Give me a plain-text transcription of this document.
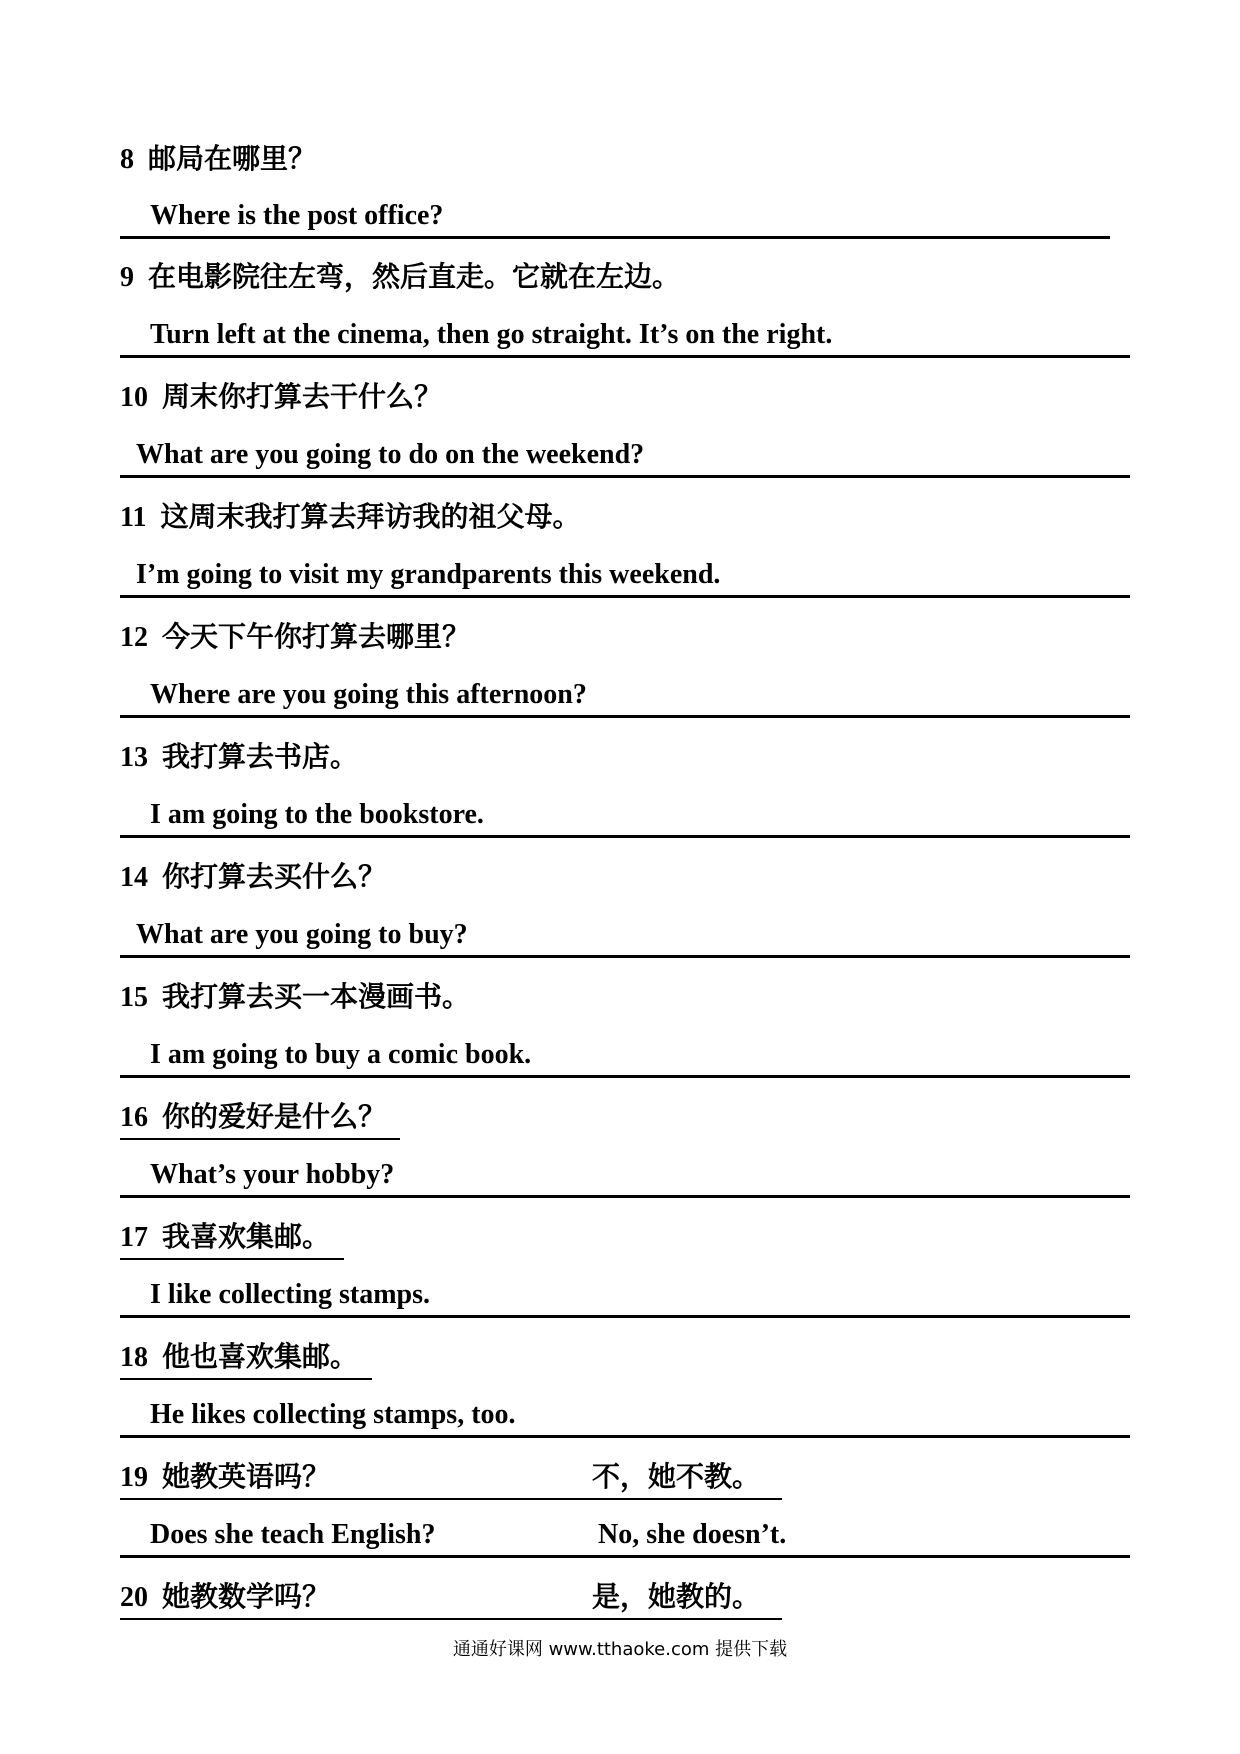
8 邮局在哪里？
Where is the post office?
9 在电影院往左弯，然后直走。它就在左边。
Turn left at the cinema, then go straight. It’s on the right.
10 周末你打算去干什么？
What are you going to do on the weekend?
11 这周末我打算去拜访我的祖父母。
I’m going to visit my grandparents this weekend.
12 今天下午你打算去哪里？
Where are you going this afternoon?
13 我打算去书店。
I am going to the bookstore.
14 你打算去买什么？
What are you going to buy?
15 我打算去买一本漫画书。
I am going to buy a comic book.
16 你的爱好是什么？
What’s your hobby?
17 我喜欢集邮。
I like collecting stamps.
18 他也喜欢集邮。
He likes collecting stamps, too.
19 她教英语吗？	不，她不教。
Does she teach English?	No, she doesn’t.
20 她教数学吗？	是，她教的。
通通好课网 www.tthaoke.com 提供下载
